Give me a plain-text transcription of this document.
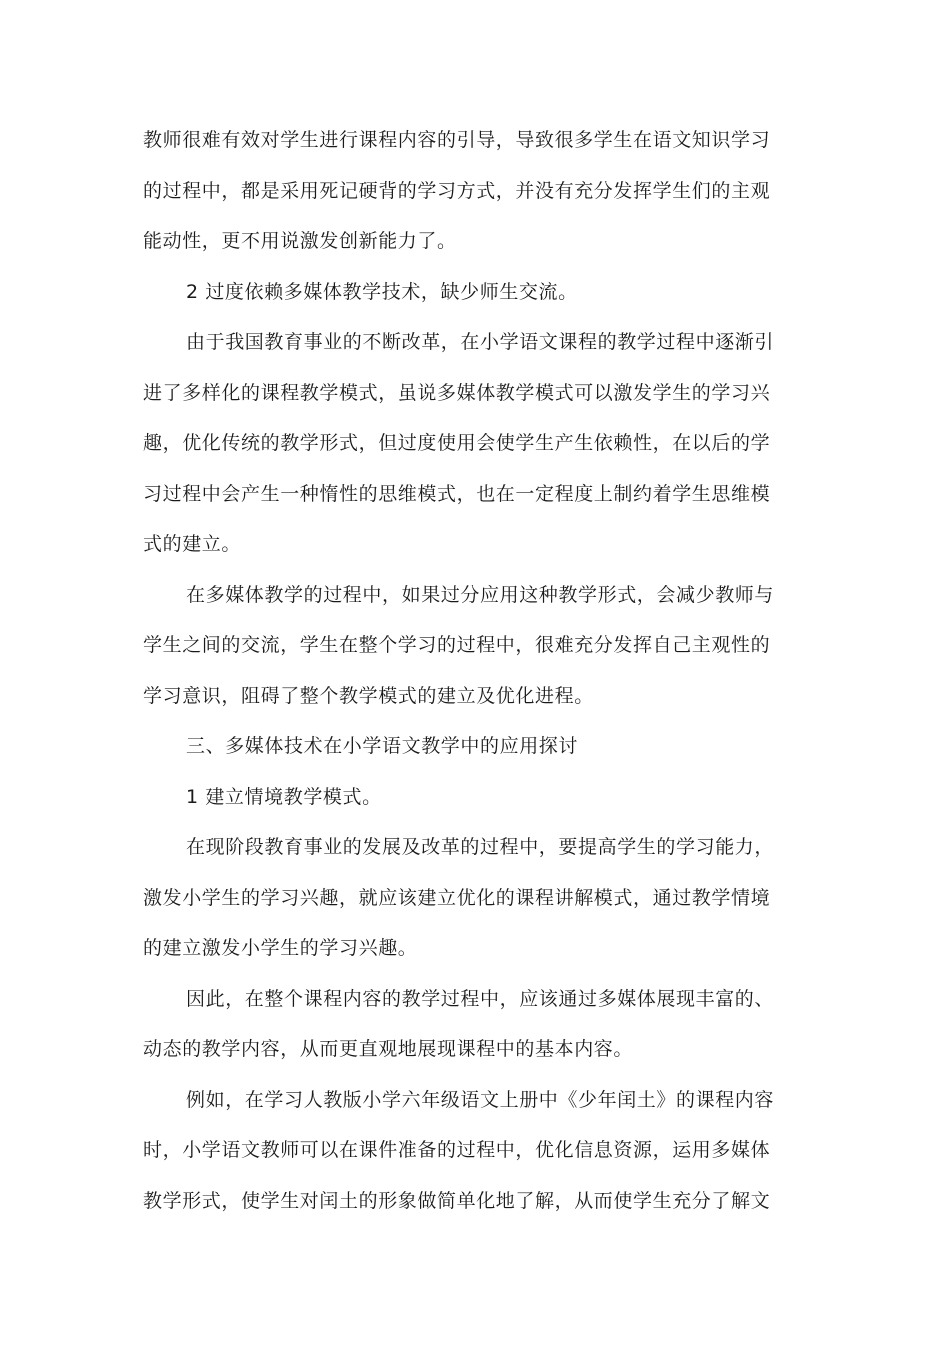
教师很难有效对学生进行课程内容的引导，导致很多学生在语文知识学习
的过程中，都是采用死记硬背的学习方式，并没有充分发挥学生们的主观
能动性，更不用说激发创新能力了。
2 过度依赖多媒体教学技术，缺少师生交流。
由于我国教育事业的不断改革，在小学语文课程的教学过程中逐渐引
进了多样化的课程教学模式，虽说多媒体教学模式可以激发学生的学习兴
趣，优化传统的教学形式，但过度使用会使学生产生依赖性，在以后的学
习过程中会产生一种惰性的思维模式，也在一定程度上制约着学生思维模
式的建立。
在多媒体教学的过程中，如果过分应用这种教学形式，会减少教师与
学生之间的交流，学生在整个学习的过程中，很难充分发挥自己主观性的
学习意识，阻碍了整个教学模式的建立及优化进程。
三、多媒体技术在小学语文教学中的应用探讨
1 建立情境教学模式。
在现阶段教育事业的发展及改革的过程中，要提高学生的学习能力，
激发小学生的学习兴趣，就应该建立优化的课程讲解模式，通过教学情境
的建立激发小学生的学习兴趣。
因此，在整个课程内容的教学过程中，应该通过多媒体展现丰富的、
动态的教学内容，从而更直观地展现课程中的基本内容。
例如，在学习人教版小学六年级语文上册中《少年闰土》的课程内容
时，小学语文教师可以在课件准备的过程中，优化信息资源，运用多媒体
教学形式，使学生对闰土的形象做简单化地了解，从而使学生充分了解文
